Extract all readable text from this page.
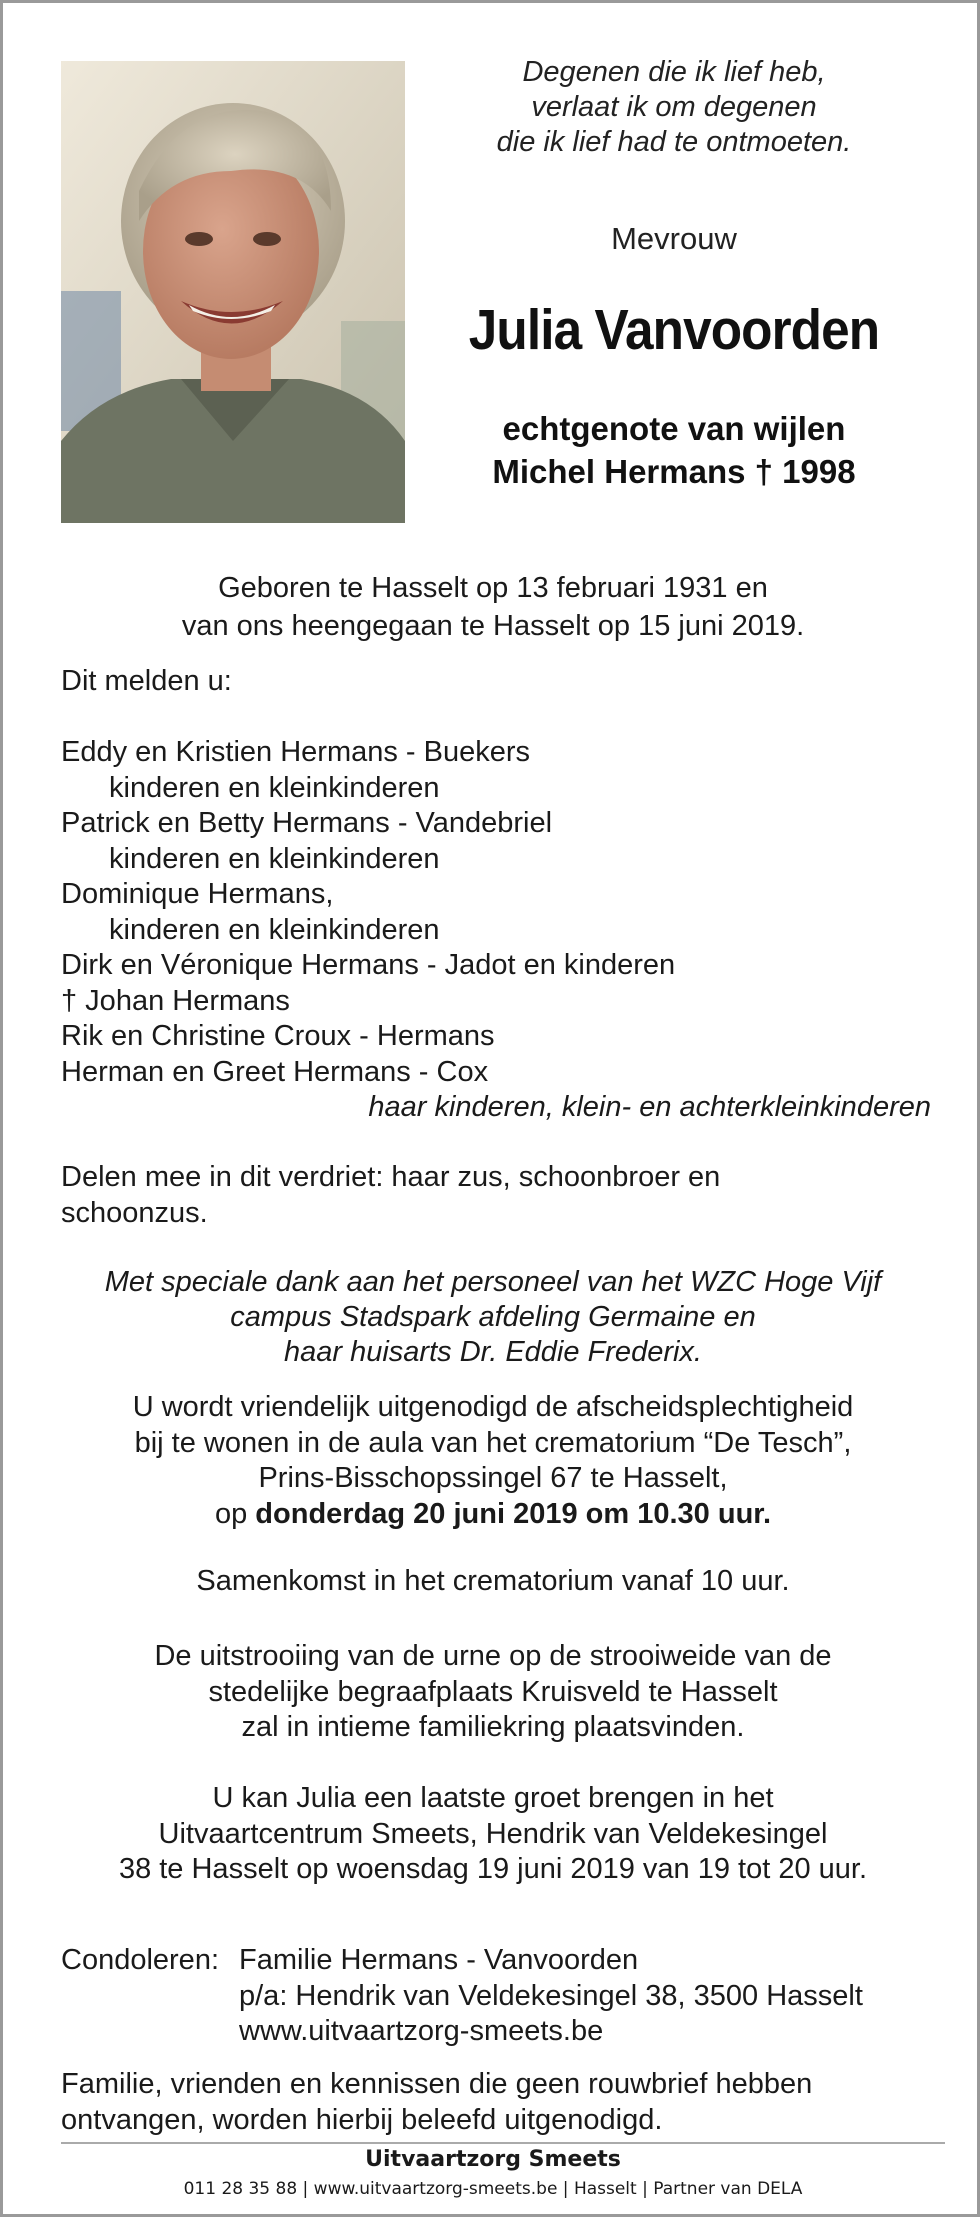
Degenen die ik lief heb,
verlaat ik om degenen
die ik lief had te ontmoeten.
Mevrouw
Julia Vanvoorden
echtgenote van wijlen
Michel Hermans † 1998
Geboren te Hasselt op 13 februari 1931 en
van ons heengegaan te Hasselt op 15 juni 2019.
Dit melden u:
Eddy en Kristien Hermans - Buekers
kinderen en kleinkinderen
Patrick en Betty Hermans - Vandebriel
kinderen en kleinkinderen
Dominique Hermans,
kinderen en kleinkinderen
Dirk en Véronique Hermans - Jadot en kinderen
† Johan Hermans
Rik en Christine Croux - Hermans
Herman en Greet Hermans - Cox
haar kinderen, klein- en achterkleinkinderen
Delen mee in dit verdriet: haar zus, schoonbroer en
schoonzus.
Met speciale dank aan het personeel van het WZC Hoge Vijf
campus Stadspark afdeling Germaine en
haar huisarts Dr. Eddie Frederix.
U wordt vriendelijk uitgenodigd de afscheidsplechtigheid
bij te wonen in de aula van het crematorium “De Tesch”,
Prins-Bisschopssingel 67 te Hasselt,
op donderdag 20 juni 2019 om 10.30 uur.
Samenkomst in het crematorium vanaf 10 uur.
De uitstrooiing van de urne op de strooiweide van de
stedelijke begraafplaats Kruisveld te Hasselt
zal in intieme familiekring plaatsvinden.
U kan Julia een laatste groet brengen in het
Uitvaartcentrum Smeets, Hendrik van Veldekesingel
38 te Hasselt op woensdag 19 juni 2019 van 19 tot 20 uur.
Condoleren: Familie Hermans - Vanvoorden
p/a: Hendrik van Veldekesingel 38, 3500 Hasselt
www.uitvaartzorg-smeets.be
Familie, vrienden en kennissen die geen rouwbrief hebben
ontvangen, worden hierbij beleefd uitgenodigd.
Uitvaartzorg Smeets
011 28 35 88 | www.uitvaartzorg-smeets.be | Hasselt | Partner van DELA
